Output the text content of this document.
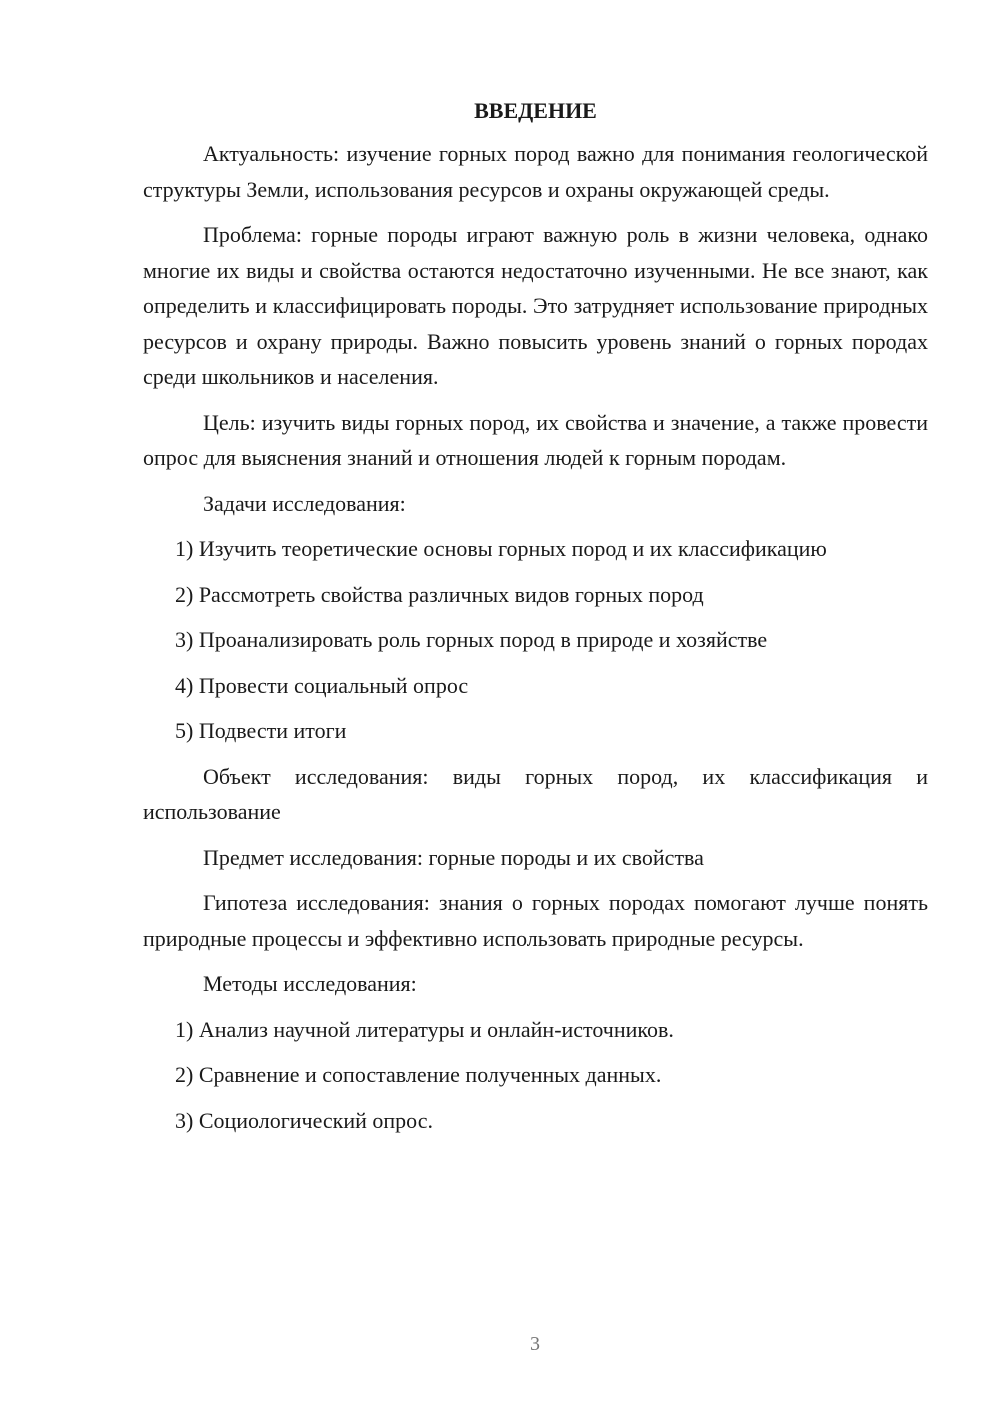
ВВЕДЕНИЕ

Актуальность: изучение горных пород важно для понимания геологической структуры Земли, использования ресурсов и охраны окружающей среды.

Проблема: горные породы играют важную роль в жизни человека, однако многие их виды и свойства остаются недостаточно изученными. Не все знают, как определить и классифицировать породы. Это затрудняет использование природных ресурсов и охрану природы. Важно повысить уровень знаний о горных породах среди школьников и населения.

Цель: изучить виды горных пород, их свойства и значение, а также провести опрос для выяснения знаний и отношения людей к горным породам.

Задачи исследования:

1) Изучить теоретические основы горных пород и их классификацию
2) Рассмотреть свойства различных видов горных пород
3) Проанализировать роль горных пород в природе и хозяйстве
4) Провести социальный опрос
5) Подвести итоги

Объект исследования: виды горных пород, их классификация и использование

Предмет исследования: горные породы и их свойства

Гипотеза исследования: знания о горных породах помогают лучше понять природные процессы и эффективно использовать природные ресурсы.

Методы исследования:

1) Анализ научной литературы и онлайн-источников.
2) Сравнение и сопоставление полученных данных.
3) Социологический опрос.
3
